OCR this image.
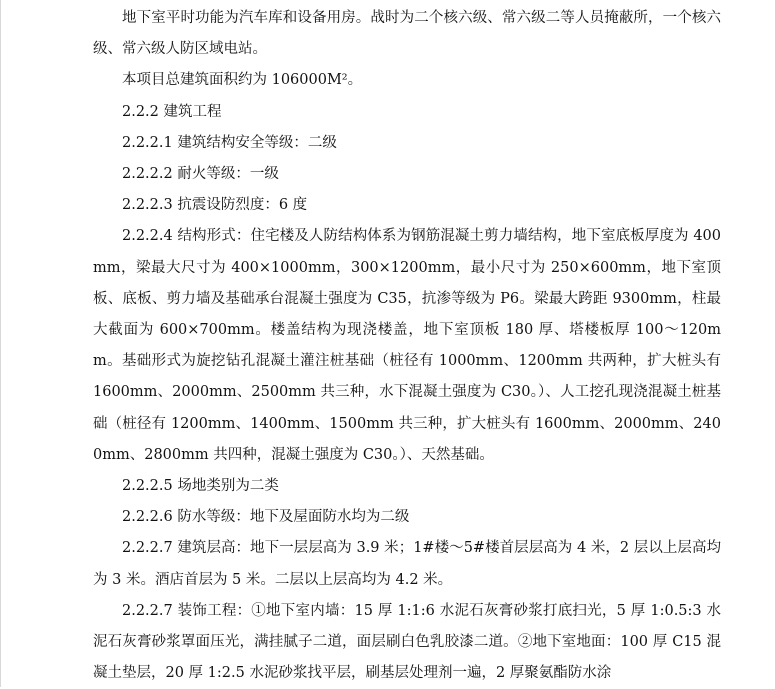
地下室平时功能为汽车库和设备用房。战时为二个核六级、常六级二等人员掩蔽所，一个核六级、常六级人防区域电站。

本项目总建筑面积约为 106000M²。

2.2.2 建筑工程

2.2.2.1 建筑结构安全等级：二级

2.2.2.2 耐火等级：一级

2.2.2.3 抗震设防烈度：6 度

2.2.2.4 结构形式：住宅楼及人防结构体系为钢筋混凝土剪力墙结构，地下室底板厚度为 400mm，梁最大尺寸为 400×1000mm，300×1200mm，最小尺寸为 250×600mm，地下室顶板、底板、剪力墙及基础承台混凝土强度为 C35，抗渗等级为 P6。梁最大跨距 9300mm，柱最大截面为 600×700mm。楼盖结构为现浇楼盖，地下室顶板 180 厚、塔楼板厚 100～120mm。基础形式为旋挖钻孔混凝土灌注桩基础（桩径有 1000mm、1200mm 共两种，扩大桩头有 1600mm、2000mm、2500mm 共三种，水下混凝土强度为 C30。）、人工挖孔现浇混凝土桩基础（桩径有 1200mm、1400mm、1500mm 共三种，扩大桩头有 1600mm、2000mm、2400mm、2800mm 共四种，混凝土强度为 C30。）、天然基础。

2.2.2.5 场地类别为二类

2.2.2.6 防水等级：地下及屋面防水均为二级

2.2.2.7 建筑层高：地下一层层高为 3.9 米；1#楼～5#楼首层层高为 4 米，2 层以上层高均为 3 米。酒店首层为 5 米。二层以上层高均为 4.2 米。

2.2.2.7 装饰工程：①地下室内墙：15 厚 1:1:6 水泥石灰膏砂浆打底扫光，5 厚 1:0.5:3 水泥石灰膏砂浆罩面压光，满挂腻子二道，面层刷白色乳胶漆二道。②地下室地面：100 厚 C15 混凝土垫层，20 厚 1:2.5 水泥砂浆找平层，刷基层处理剂一遍，2 厚聚氨酯防水涂
